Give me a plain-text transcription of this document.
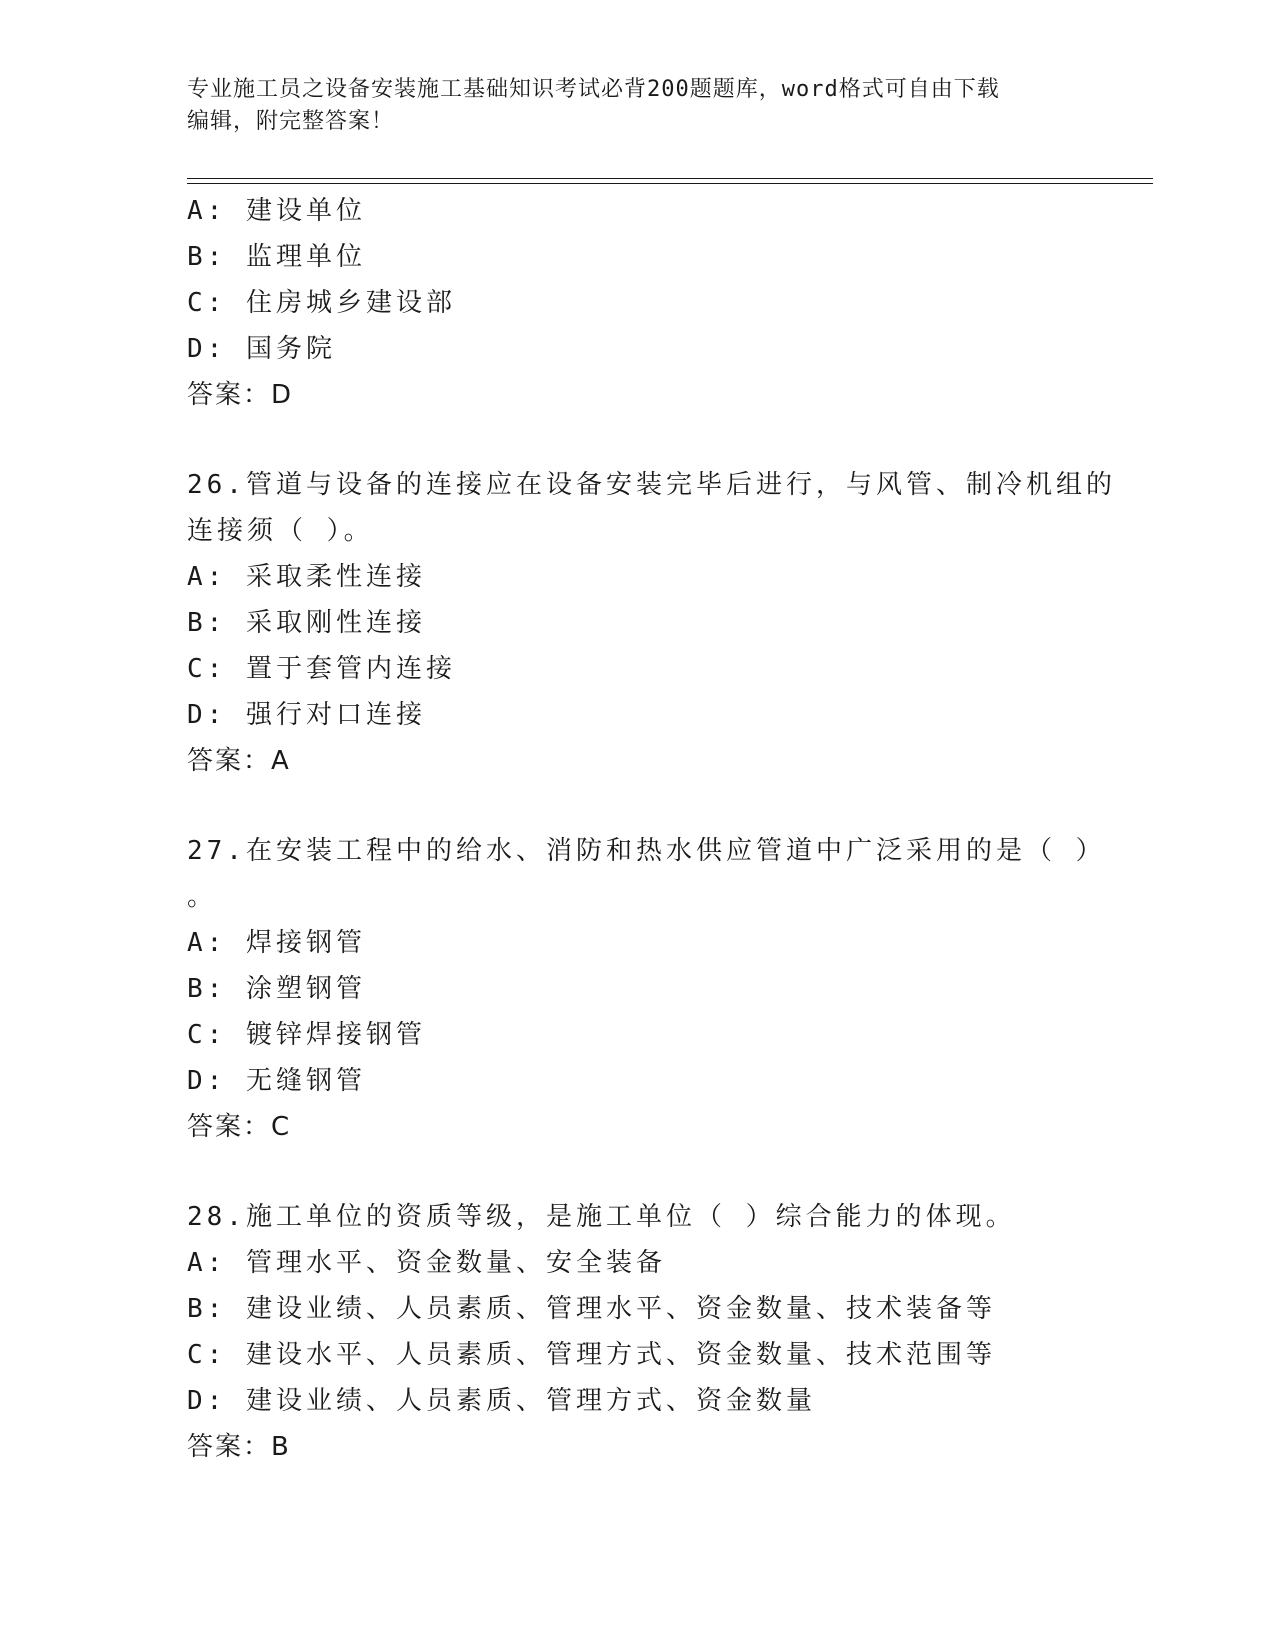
专业施工员之设备安装施工基础知识考试必背200题题库，word格式可自由下载
编辑，附完整答案！
A: 建设单位
B: 监理单位
C: 住房城乡建设部
D: 国务院
答案：D
26.管道与设备的连接应在设备安装完毕后进行，与风管、制冷机组的
连接须（ ）。
A: 采取柔性连接
B: 采取刚性连接
C: 置于套管内连接
D: 强行对口连接
答案：A
27.在安装工程中的给水、消防和热水供应管道中广泛采用的是（ ）
。
A: 焊接钢管
B: 涂塑钢管
C: 镀锌焊接钢管
D: 无缝钢管
答案：C
28.施工单位的资质等级，是施工单位（ ）综合能力的体现。
A: 管理水平、资金数量、安全装备
B: 建设业绩、人员素质、管理水平、资金数量、技术装备等
C: 建设水平、人员素质、管理方式、资金数量、技术范围等
D: 建设业绩、人员素质、管理方式、资金数量
答案：B
